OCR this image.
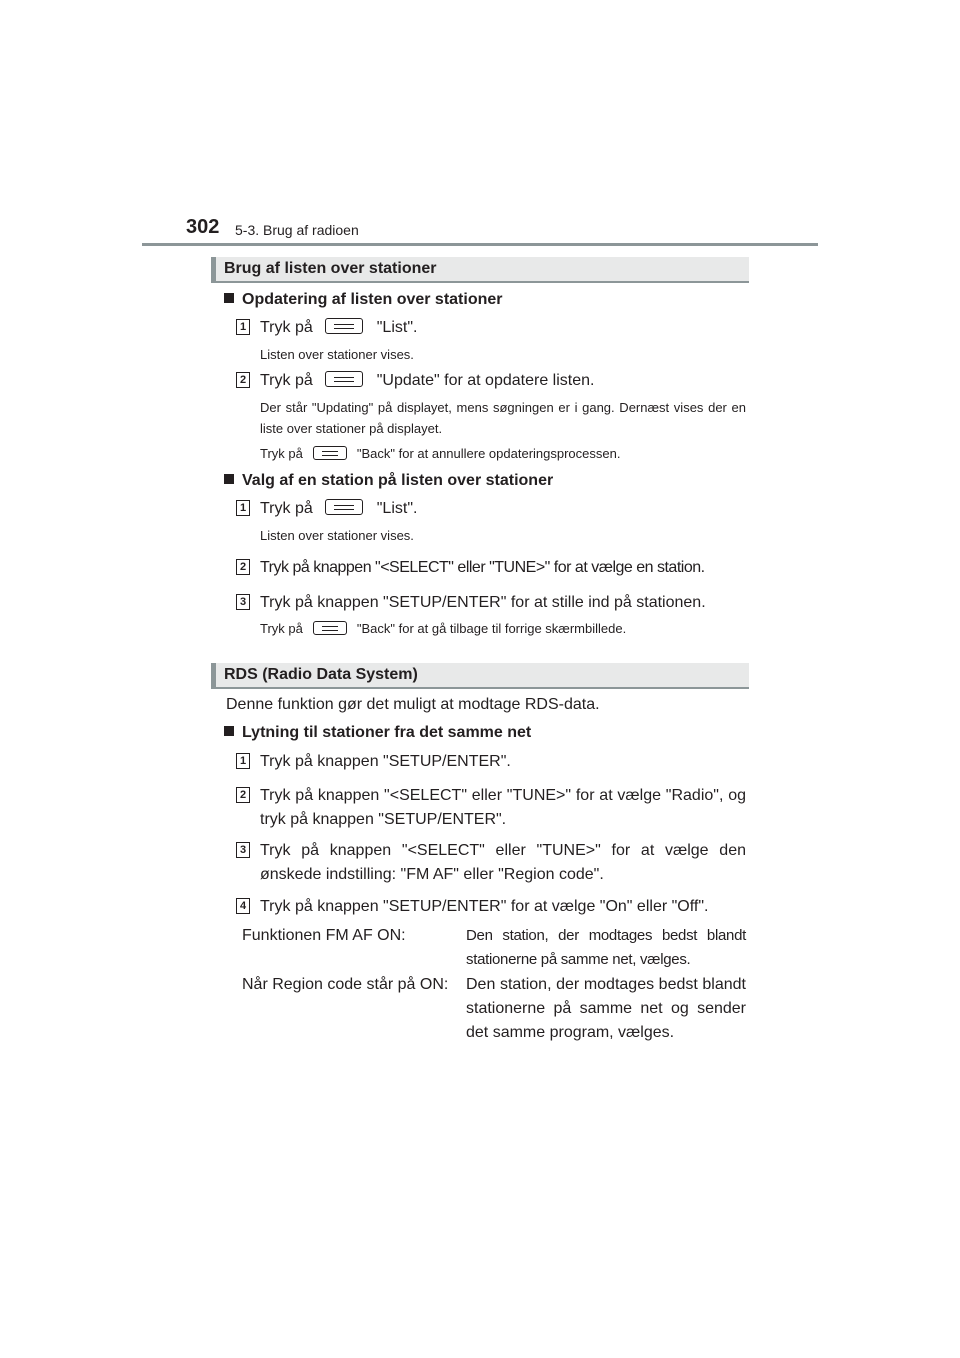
302 5-3. Brug af radioen
Brug af listen over stationer
Opdatering af listen over stationer
1 Tryk på	"List".
Listen over stationer vises.
2 Tryk på	"Update" for at opdatere listen.
Der står "Updating" på displayet, mens søgningen er i gang. Dernæst vises der en liste over stationer på displayet.
Tryk på	"Back" for at annullere opdateringsprocessen.
Valg af en station på listen over stationer
1 Tryk på	"List".
Listen over stationer vises.
2 Tryk på knappen "<SELECT" eller "TUNE>" for at vælge en station.
3 Tryk på knappen "SETUP/ENTER" for at stille ind på stationen.
Tryk på	"Back" for at gå tilbage til forrige skærmbillede.
RDS (Radio Data System)
Denne funktion gør det muligt at modtage RDS-data.
Lytning til stationer fra det samme net
1 Tryk på knappen "SETUP/ENTER".
2 Tryk på knappen "<SELECT" eller "TUNE>" for at vælge "Radio", og tryk på knappen "SETUP/ENTER".
3 Tryk på knappen "<SELECT" eller "TUNE>" for at vælge den ønskede indstilling: "FM AF" eller "Region code".
4 Tryk på knappen "SETUP/ENTER" for at vælge "On" eller "Off".
Funktionen FM AF ON:	Den station, der modtages bedst blandt stationerne på samme net, vælges.
Når Region code står på ON: Den station, der modtages bedst blandt stationerne på samme net og sender det samme program, vælges.
